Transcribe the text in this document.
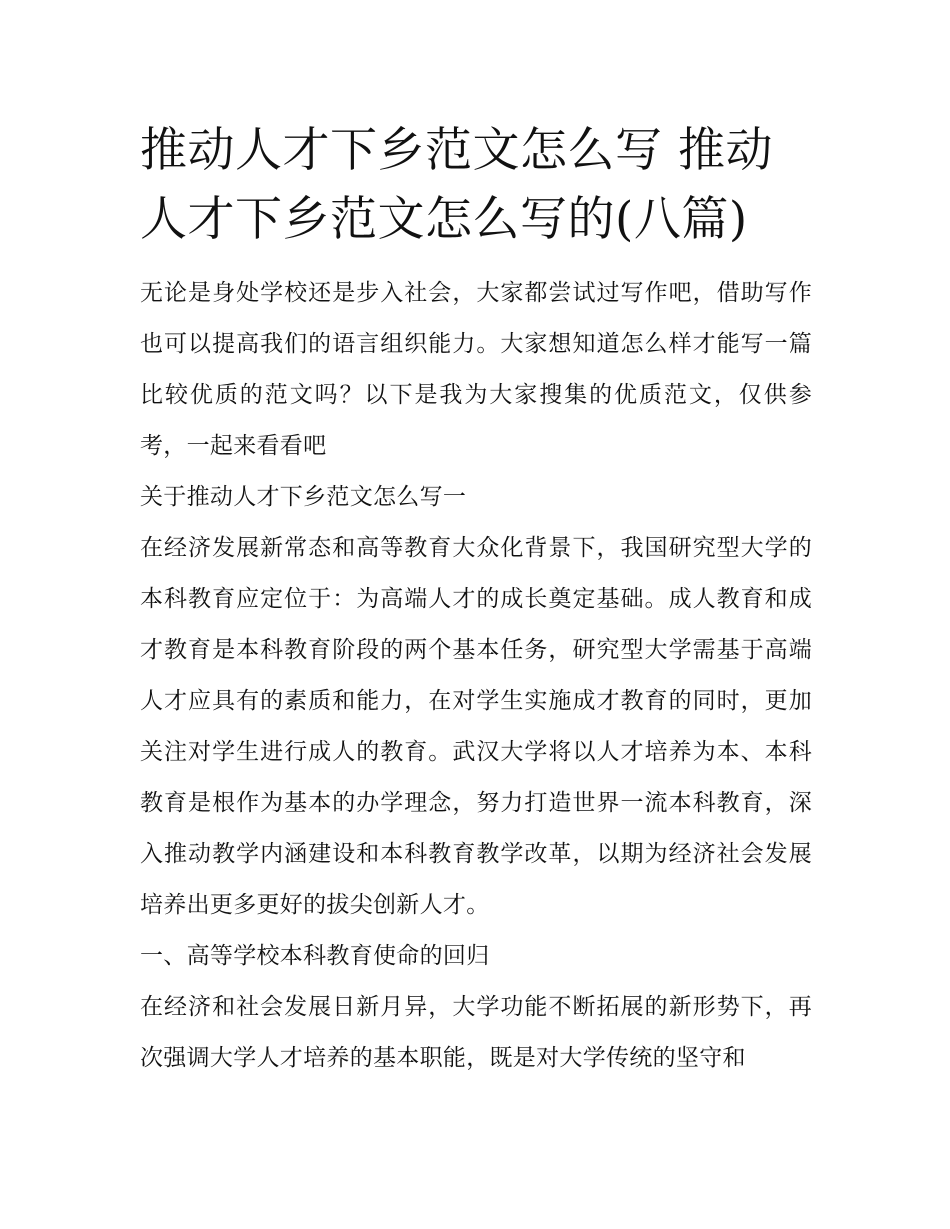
推动人才下乡范文怎么写 推动人才下乡范文怎么写的(八篇)

无论是身处学校还是步入社会，大家都尝试过写作吧，借助写作也可以提高我们的语言组织能力。大家想知道怎么样才能写一篇比较优质的范文吗？以下是我为大家搜集的优质范文，仅供参考，一起来看看吧

关于推动人才下乡范文怎么写一

在经济发展新常态和高等教育大众化背景下，我国研究型大学的本科教育应定位于：为高端人才的成长奠定基础。成人教育和成才教育是本科教育阶段的两个基本任务，研究型大学需基于高端人才应具有的素质和能力，在对学生实施成才教育的同时，更加关注对学生进行成人的教育。武汉大学将以人才培养为本、本科教育是根作为基本的办学理念，努力打造世界一流本科教育，深入推动教学内涵建设和本科教育教学改革，以期为经济社会发展培养出更多更好的拔尖创新人才。

一、高等学校本科教育使命的回归

在经济和社会发展日新月异，大学功能不断拓展的新形势下，再次强调大学人才培养的基本职能，既是对大学传统的坚守和
